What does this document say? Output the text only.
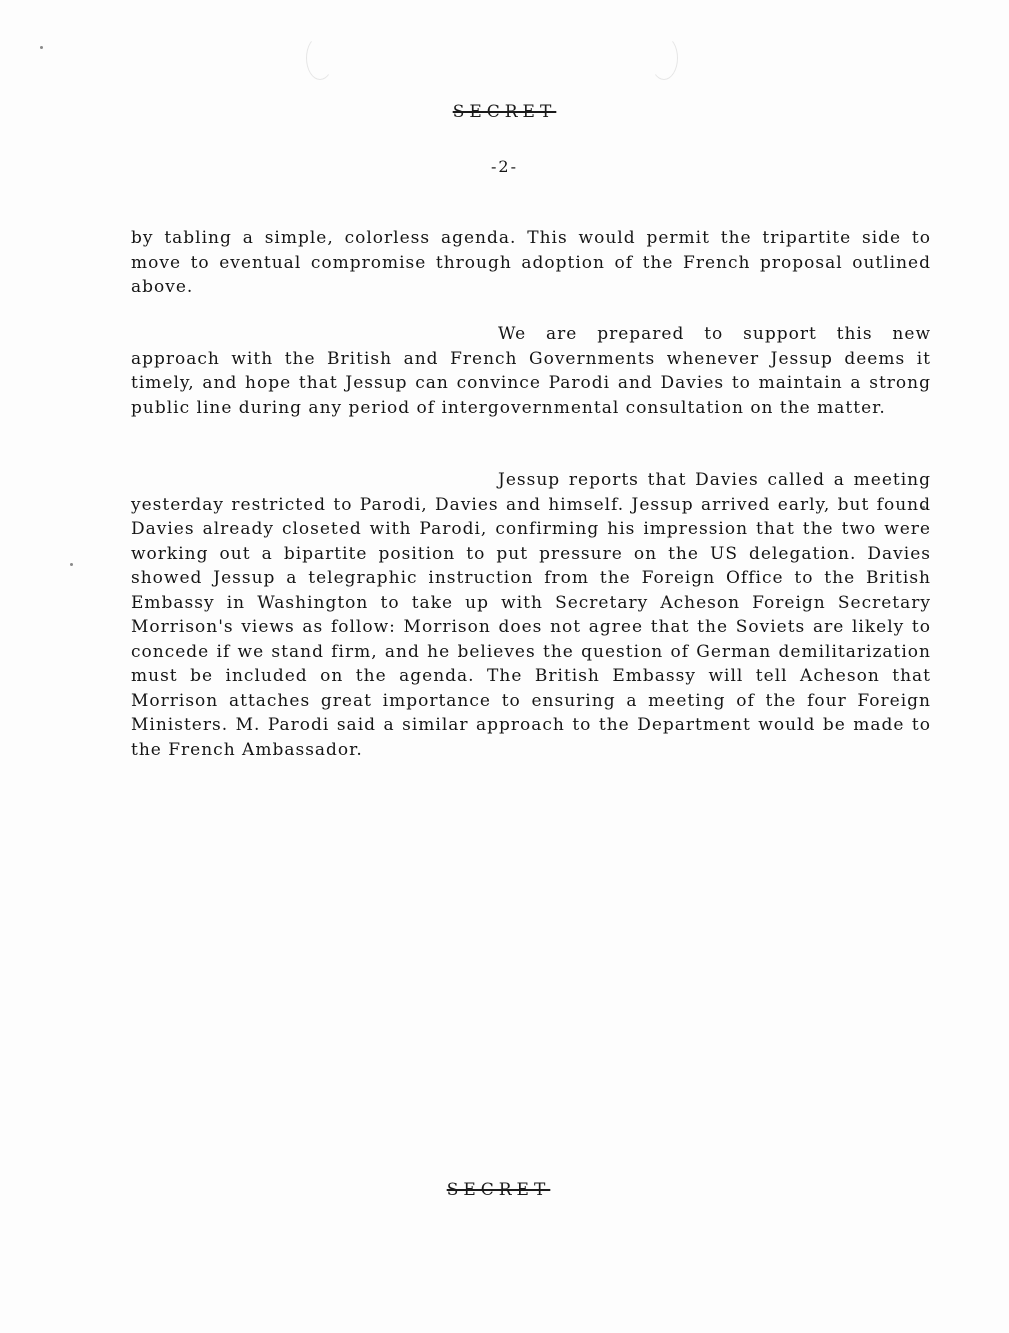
SECRET
-2-

by tabling a simple, colorless agenda. This would permit the tripartite side to move to eventual compromise through adoption of the French proposal outlined above.

We are prepared to support this new approach with the British and French Governments whenever Jessup deems it timely, and hope that Jessup can convince Parodi and Davies to maintain a strong public line during any period of intergovernmental consultation on the matter.

Jessup reports that Davies called a meeting yesterday restricted to Parodi, Davies and himself. Jessup arrived early, but found Davies already closeted with Parodi, confirming his impression that the two were working out a bipartite position to put pressure on the US delegation. Davies showed Jessup a telegraphic instruction from the Foreign Office to the British Embassy in Washington to take up with Secretary Acheson Foreign Secretary Morrison's views as follow: Morrison does not agree that the Soviets are likely to concede if we stand firm, and he believes the question of German demilitarization must be included on the agenda. The British Embassy will tell Acheson that Morrison attaches great importance to ensuring a meeting of the four Foreign Ministers. M. Parodi said a similar approach to the Department would be made to the French Ambassador.

SECRET
